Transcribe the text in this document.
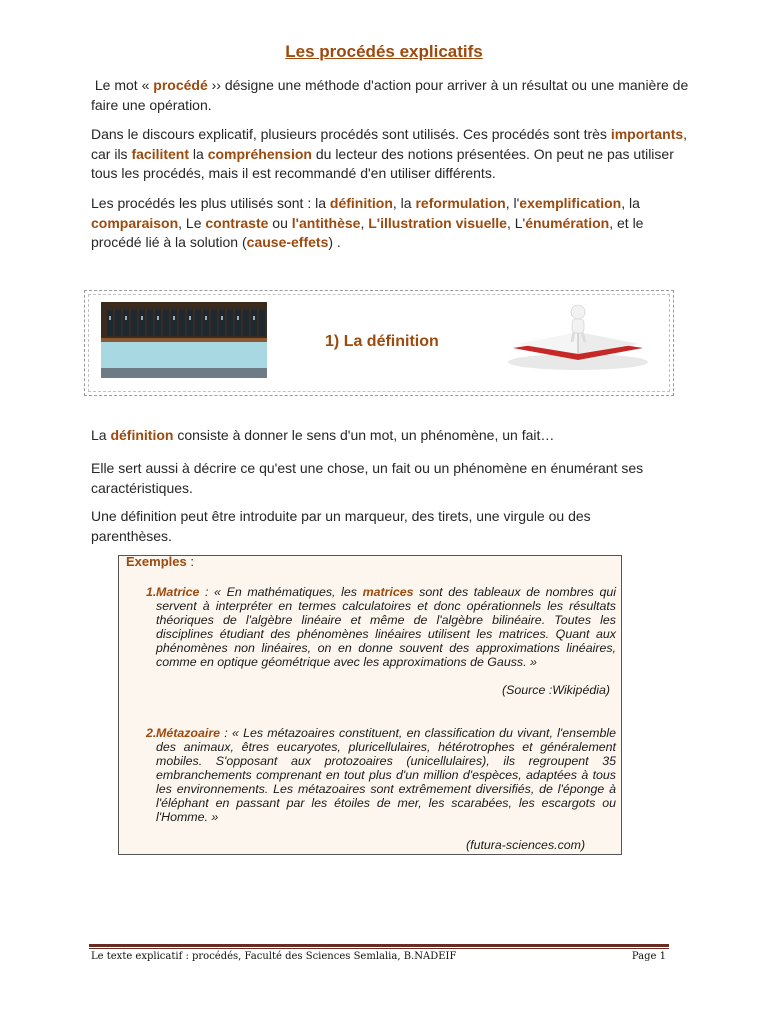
Les procédés explicatifs
Le mot « procédé ›› désigne une méthode d'action pour arriver à un résultat ou une manière de faire une opération.
Dans le discours explicatif, plusieurs procédés sont utilisés. Ces procédés sont très importants, car ils facilitent la compréhension du lecteur des notions présentées. On peut ne pas utiliser tous les procédés, mais il est recommandé d'en utiliser différents.
Les procédés les plus utilisés sont : la définition, la reformulation, l'exemplification, la comparaison, Le contraste ou l'antithèse, L'illustration visuelle, L'énumération, et le procédé lié à la solution (cause-effets) .
1) La définition
La définition consiste à donner le sens d'un mot, un phénomène, un fait…
Elle sert aussi à décrire ce qu'est une chose, un fait ou un phénomène en énumérant ses caractéristiques.
Une définition peut être introduite par un marqueur, des tirets, une virgule ou des parenthèses.
Exemples :
1. Matrice : « En mathématiques, les matrices sont des tableaux de nombres qui servent à interpréter en termes calculatoires et donc opérationnels les résultats théoriques de l'algèbre linéaire et même de l'algèbre bilinéaire. Toutes les disciplines étudiant des phénomènes linéaires utilisent les matrices. Quant aux phénomènes non linéaires, on en donne souvent des approximations linéaires, comme en optique géométrique avec les approximations de Gauss. »
(Source :Wikipédia)
2. Métazoaire : « Les métazoaires constituent, en classification du vivant, l'ensemble des animaux, êtres eucaryotes, pluricellulaires, hétérotrophes et généralement mobiles. S'opposant aux protozoaires (unicellulaires), ils regroupent 35 embranchements comprenant en tout plus d'un million d'espèces, adaptées à tous les environnements. Les métazoaires sont extrêmement diversifiés, de l'éponge à l'éléphant en passant par les étoiles de mer, les scarabées, les escargots ou l'Homme. »
(futura-sciences.com)
Le texte explicatif : procédés, Faculté des Sciences Semlalia, B.NADEIF	Page 1
